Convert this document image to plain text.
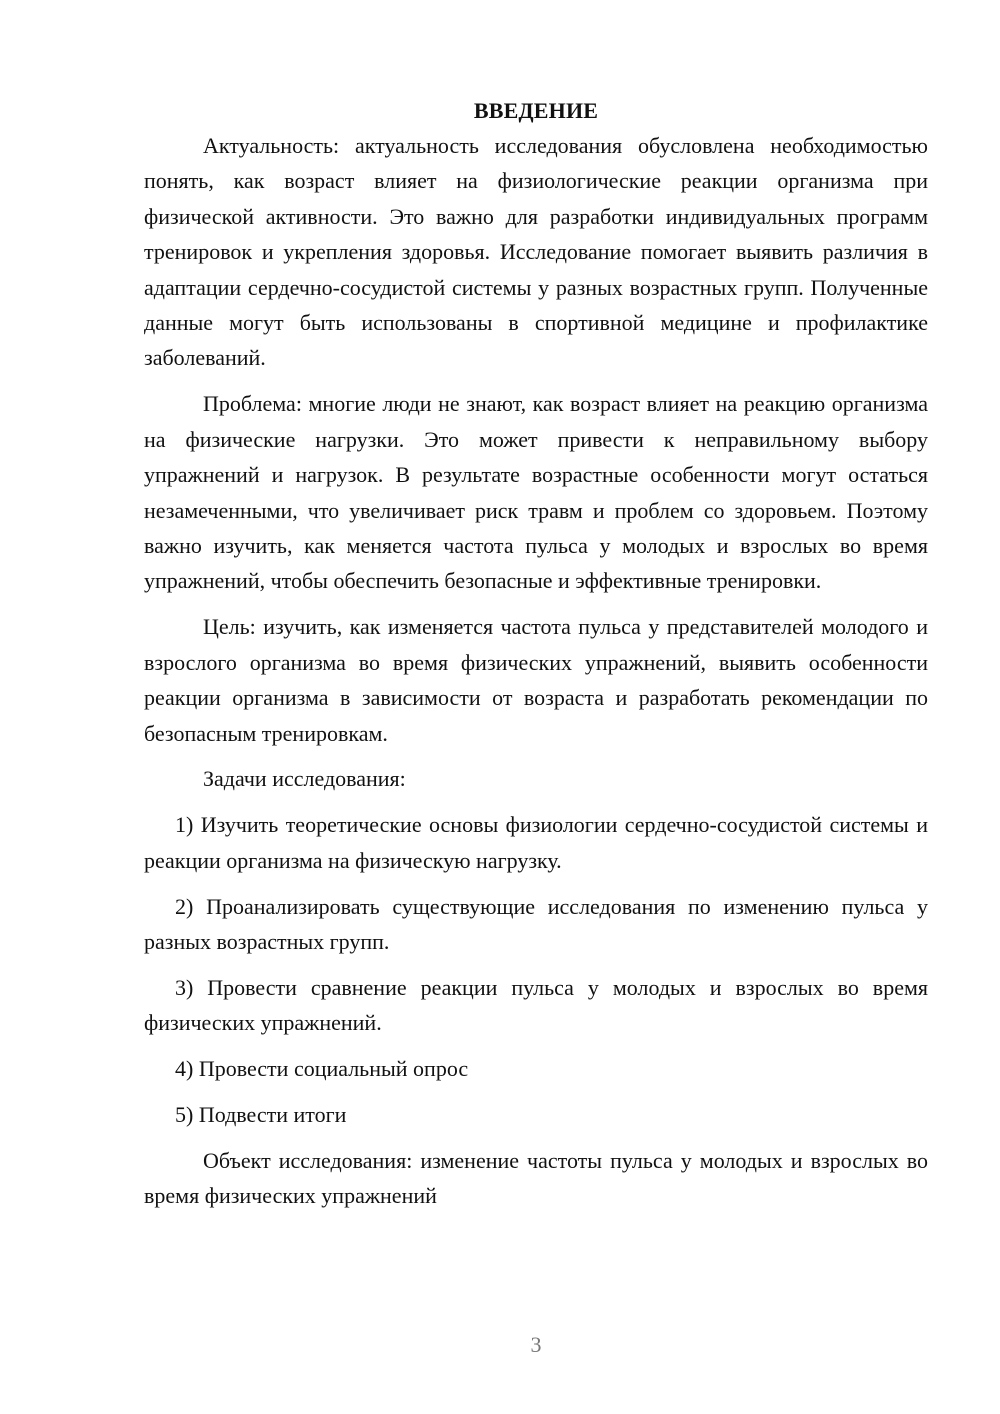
ВВЕДЕНИЕ

Актуальность: актуальность исследования обусловлена необходимостью понять, как возраст влияет на физиологические реакции организма при физической активности. Это важно для разработки индивидуальных программ тренировок и укрепления здоровья. Исследование помогает выявить различия в адаптации сердечно-сосудистой системы у разных возрастных групп. Полученные данные могут быть использованы в спортивной медицине и профилактике заболеваний.

Проблема: многие люди не знают, как возраст влияет на реакцию организма на физические нагрузки. Это может привести к неправильному выбору упражнений и нагрузок. В результате возрастные особенности могут остаться незамеченными, что увеличивает риск травм и проблем со здоровьем. Поэтому важно изучить, как меняется частота пульса у молодых и взрослых во время упражнений, чтобы обеспечить безопасные и эффективные тренировки.

Цель: изучить, как изменяется частота пульса у представителей молодого и взрослого организма во время физических упражнений, выявить особенности реакции организма в зависимости от возраста и разработать рекомендации по безопасным тренировкам.

Задачи исследования:

1) Изучить теоретические основы физиологии сердечно-сосудистой системы и реакции организма на физическую нагрузку.

2) Проанализировать существующие исследования по изменению пульса у разных возрастных групп.

3) Провести сравнение реакции пульса у молодых и взрослых во время физических упражнений.

4) Провести социальный опрос

5) Подвести итоги

Объект исследования: изменение частоты пульса у молодых и взрослых во время физических упражнений

3
